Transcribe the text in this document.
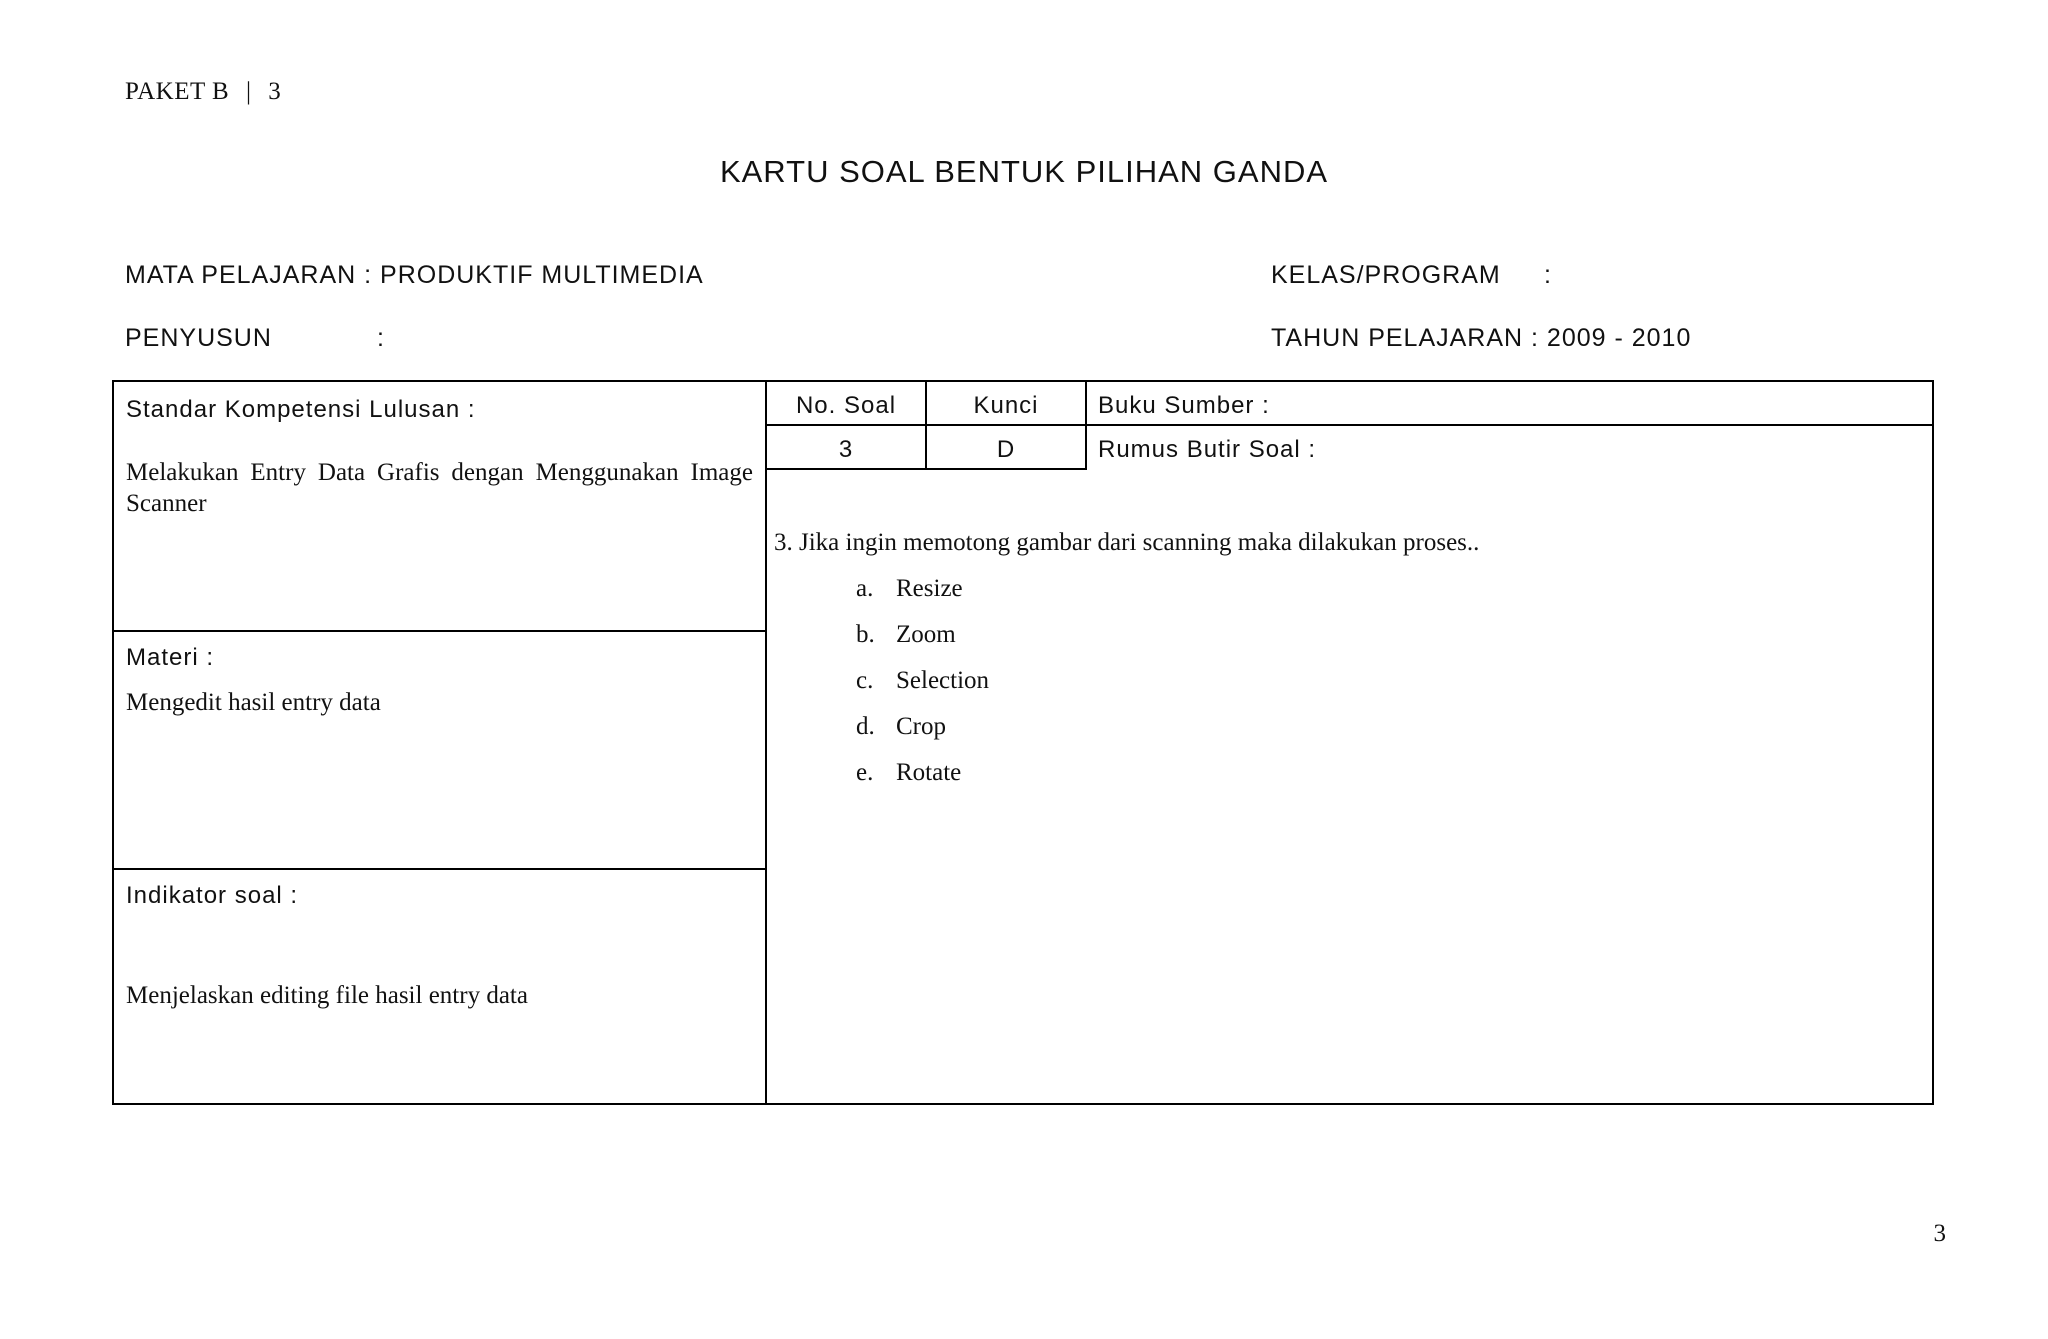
PAKET B | 3
KARTU SOAL BENTUK PILIHAN GANDA
MATA PELAJARAN : PRODUKTIF MULTIMEDIA
PENYUSUN	:
KELAS/PROGRAM :
TAHUN PELAJARAN : 2009 - 2010
Standar Kompetensi Lulusan :
Melakukan Entry Data Grafis dengan Menggunakan Image Scanner
Materi :
Mengedit hasil entry data
Indikator soal :
Menjelaskan editing file hasil entry data
No. Soal	Kunci
3	D
Buku Sumber :
Rumus Butir Soal :
3. Jika ingin memotong gambar dari scanning maka dilakukan proses..
a. Resize
b. Zoom
c. Selection
d. Crop
e. Rotate
3
